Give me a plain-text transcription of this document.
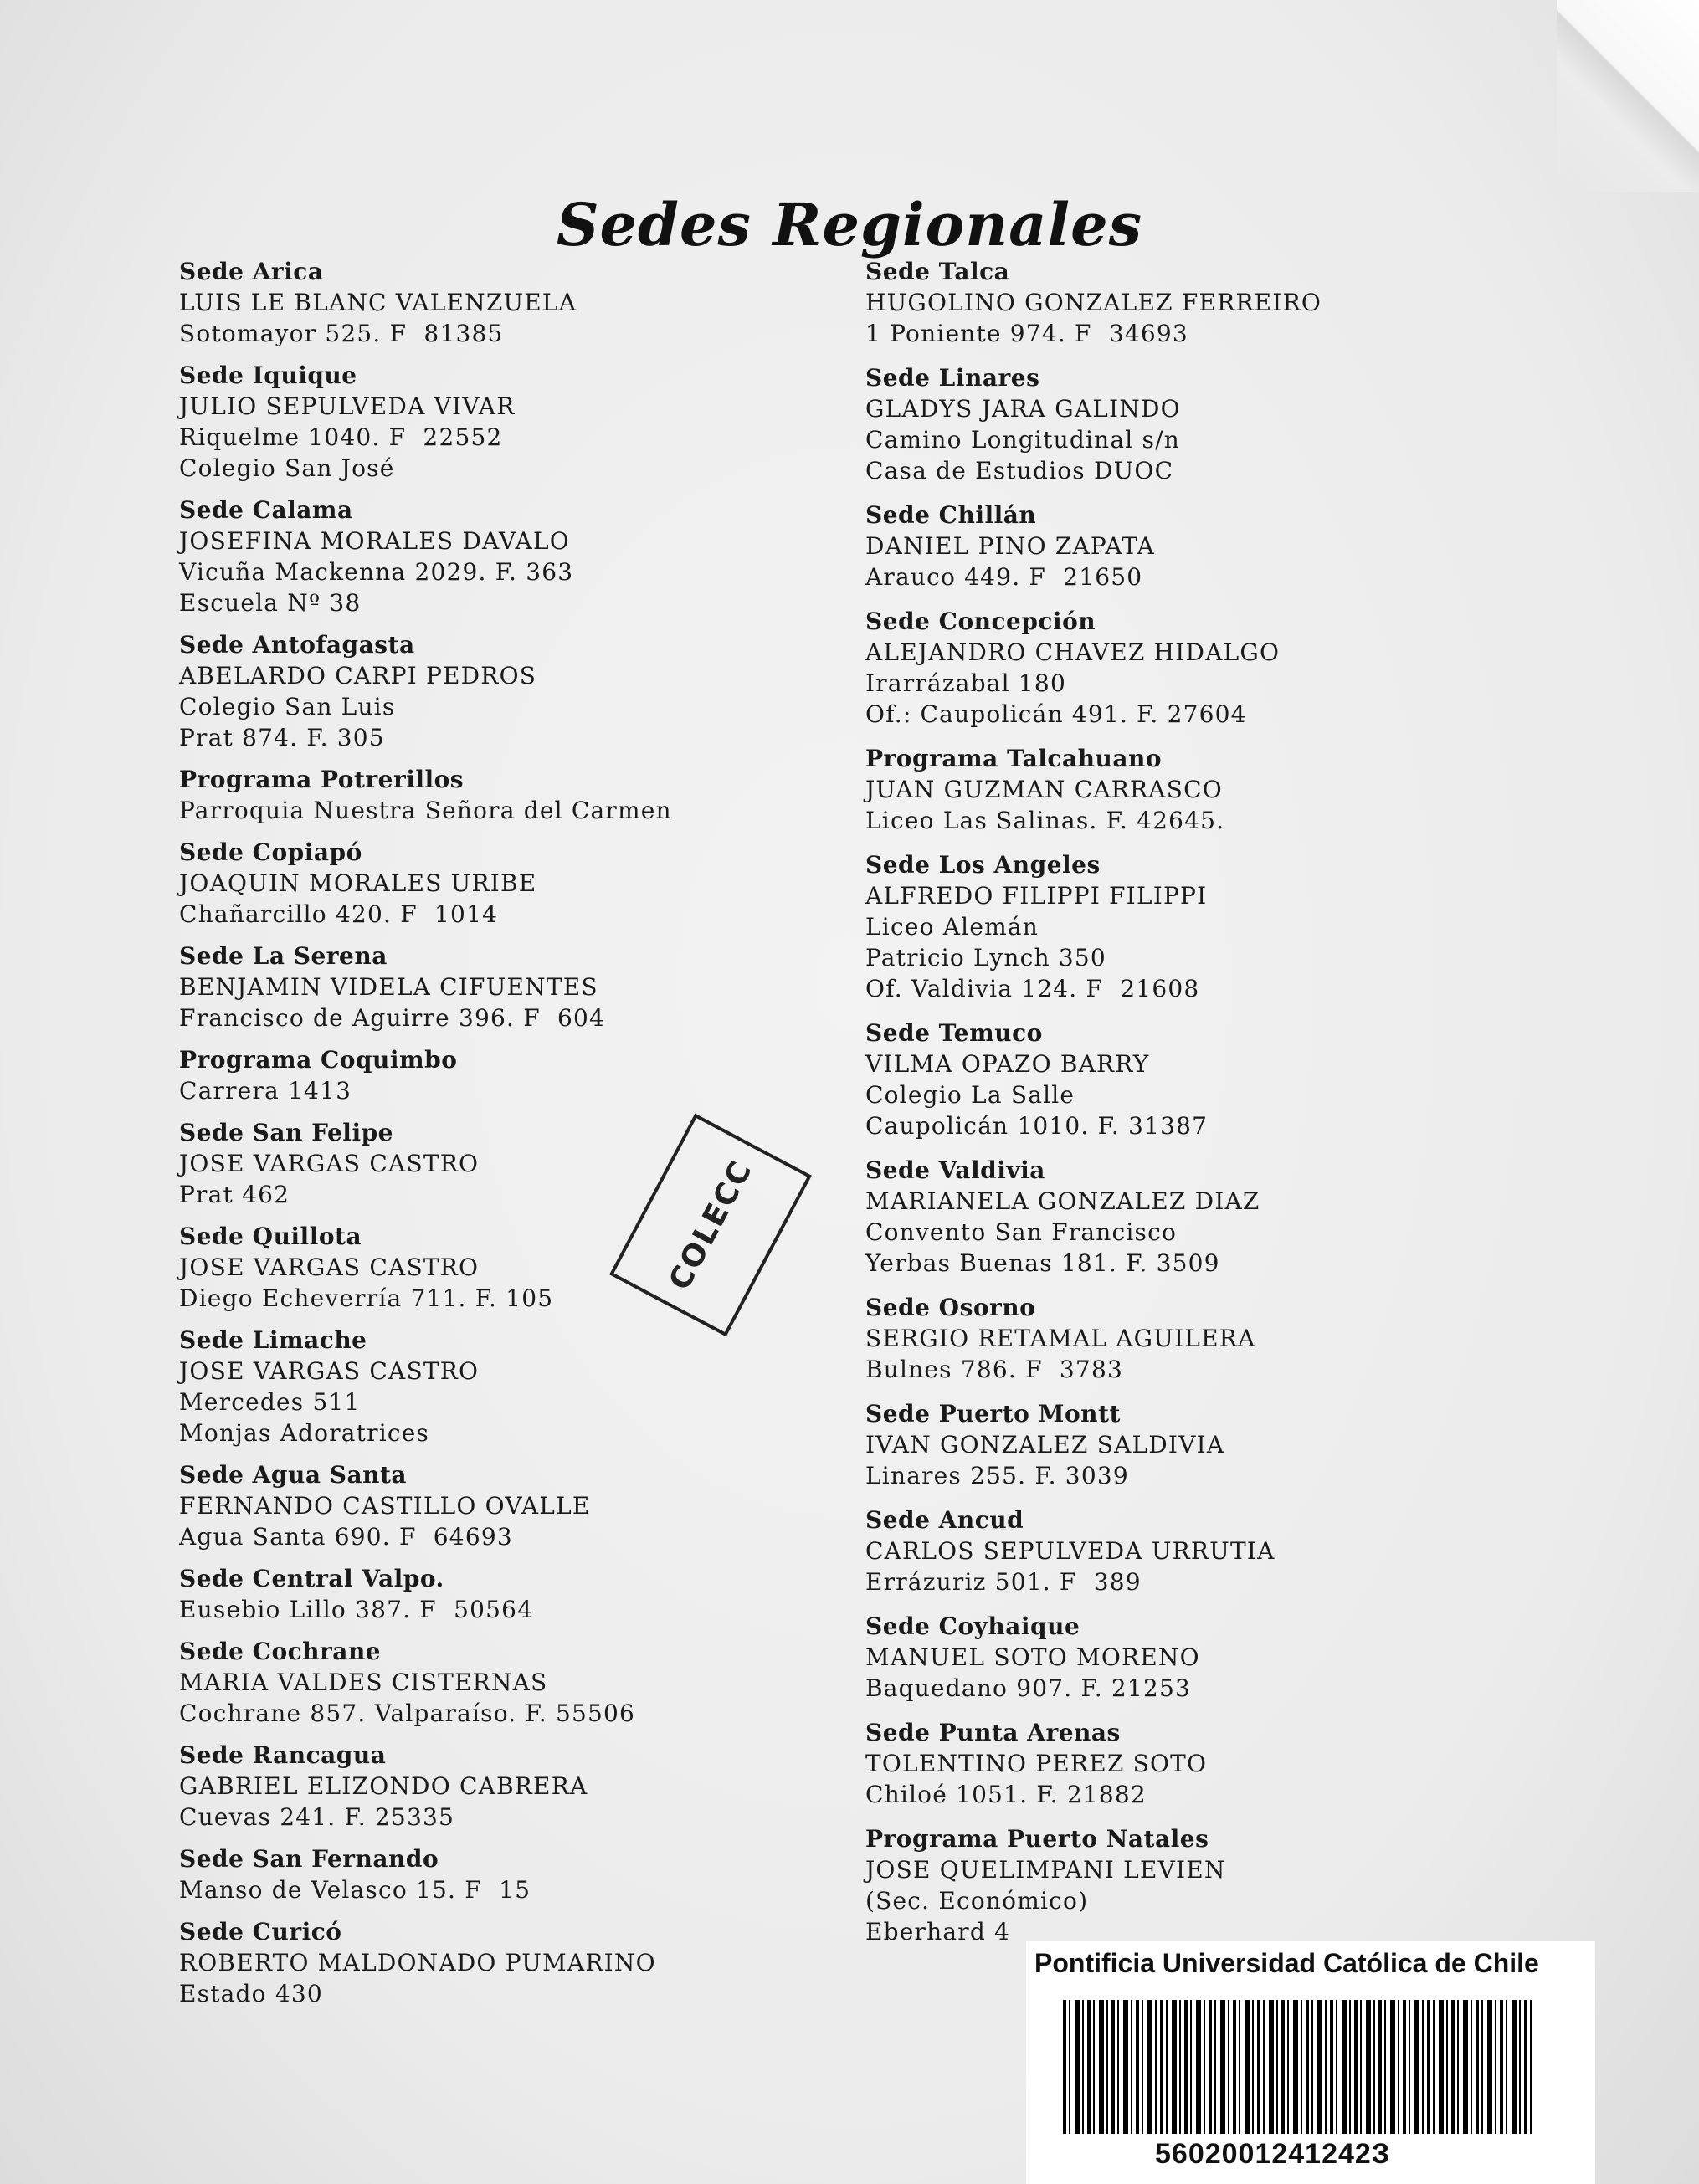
Sedes Regionales
Sede Arica
LUIS LE BLANC VALENZUELA
Sotomayor 525. F  81385
Sede Iquique
JULIO SEPULVEDA VIVAR
Riquelme 1040. F  22552
Colegio San José
Sede Calama
JOSEFINA MORALES DAVALO
Vicuña Mackenna 2029. F. 363
Escuela Nº 38
Sede Antofagasta
ABELARDO CARPI PEDROS
Colegio San Luis
Prat 874. F. 305
Programa Potrerillos
Parroquia Nuestra Señora del Carmen
Sede Copiapó
JOAQUIN MORALES URIBE
Chañarcillo 420. F  1014
Sede La Serena
BENJAMIN VIDELA CIFUENTES
Francisco de Aguirre 396. F  604
Programa Coquimbo
Carrera 1413
Sede San Felipe
JOSE VARGAS CASTRO
Prat 462
Sede Quillota
JOSE VARGAS CASTRO
Diego Echeverría 711. F. 105
Sede Limache
JOSE VARGAS CASTRO
Mercedes 511
Monjas Adoratrices
Sede Agua Santa
FERNANDO CASTILLO OVALLE
Agua Santa 690. F  64693
Sede Central Valpo.
Eusebio Lillo 387. F  50564
Sede Cochrane
MARIA VALDES CISTERNAS
Cochrane 857. Valparaíso. F. 55506
Sede Rancagua
GABRIEL ELIZONDO CABRERA
Cuevas 241. F. 25335
Sede San Fernando
Manso de Velasco 15. F  15
Sede Curicó
ROBERTO MALDONADO PUMARINO
Estado 430
Sede Talca
HUGOLINO GONZALEZ FERREIRO
1 Poniente 974. F  34693
Sede Linares
GLADYS JARA GALINDO
Camino Longitudinal s/n
Casa de Estudios DUOC
Sede Chillán
DANIEL PINO ZAPATA
Arauco 449. F  21650
Sede Concepción
ALEJANDRO CHAVEZ HIDALGO
Irarrázabal 180
Of.: Caupolicán 491. F. 27604
Programa Talcahuano
JUAN GUZMAN CARRASCO
Liceo Las Salinas. F. 42645.
Sede Los Angeles
ALFREDO FILIPPI FILIPPI
Liceo Alemán
Patricio Lynch 350
Of. Valdivia 124. F  21608
Sede Temuco
VILMA OPAZO BARRY
Colegio La Salle
Caupolicán 1010. F. 31387
Sede Valdivia
MARIANELA GONZALEZ DIAZ
Convento San Francisco
Yerbas Buenas 181. F. 3509
Sede Osorno
SERGIO RETAMAL AGUILERA
Bulnes 786. F  3783
Sede Puerto Montt
IVAN GONZALEZ SALDIVIA
Linares 255. F. 3039
Sede Ancud
CARLOS SEPULVEDA URRUTIA
Errázuriz 501. F  389
Sede Coyhaique
MANUEL SOTO MORENO
Baquedano 907. F. 21253
Sede Punta Arenas
TOLENTINO PEREZ SOTO
Chiloé 1051. F. 21882
Programa Puerto Natales
JOSE QUELIMPANI LEVIEN
(Sec. Económico)
Eberhard 4
COLECC
Pontificia Universidad Católica de Chile
5602001241242З
